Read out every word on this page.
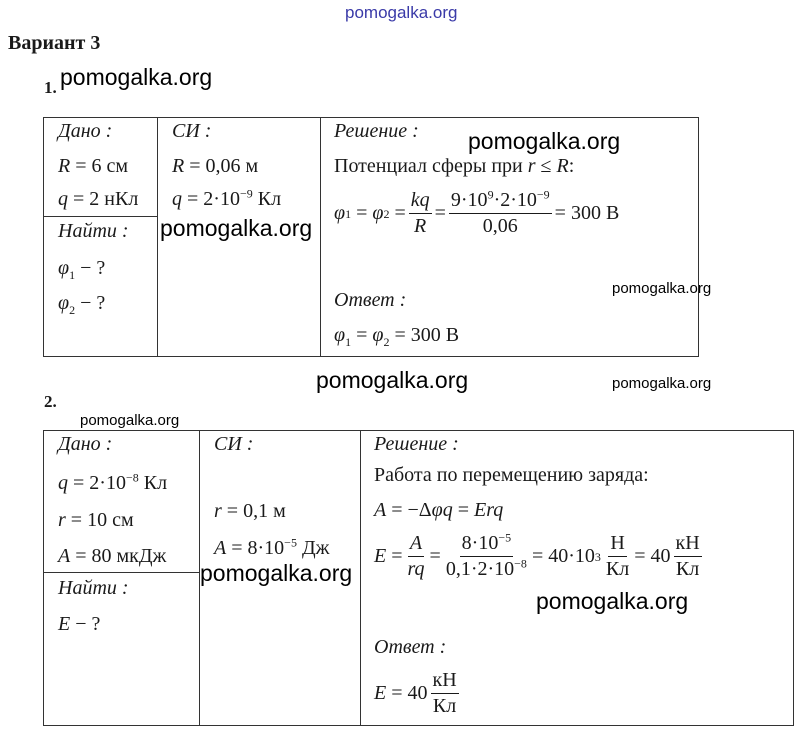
pomogalka.org
Вариант 3
1. pomogalka.org
Дано :
R = 6 см
q = 2 нКл
Найти :
$\varphi_1$ − ?
$\varphi_2$ − ?
СИ :
R = 0,06 м
$q = 2\cdot 10^{-9}$ Кл
pomogalka.org
Решение : pomogalka.org
Потенциал сферы при r ≤ R:
φ 1 = φ $2 = \frac{kq}{R} = \frac{9\cdot 10^9\cdot 2\cdot 10^{-9}}{0,06} = 300$ В
pomogalka.org
Ответ :
$\varphi_1 = \varphi_2 = 300$ В
pomogalka.org	pomogalka.org
2.
pomogalka.org
Дано :
$q = 2\cdot 10^{-8}$ Кл
r = 10 см
A = 80 мкДж
Найти :
E − ?
СИ :
r = 0,1 м
$A = 8\cdot 10^{-5}$ Дж
pomogalka.org
Решение :
Работа по перемещению заряда:
A = −Δφq = Erq
$E = \frac{A}{rq} = \frac{8\cdot 10^{-5}}{0,1\cdot 2\cdot 10^{-8}} = 40\cdot 10$ $3 \frac{Н}{Кл} = 40 \frac{кН}{Кл}$
pomogalka.org
Ответ :
$E = 40 \frac{кН}{Кл}$
